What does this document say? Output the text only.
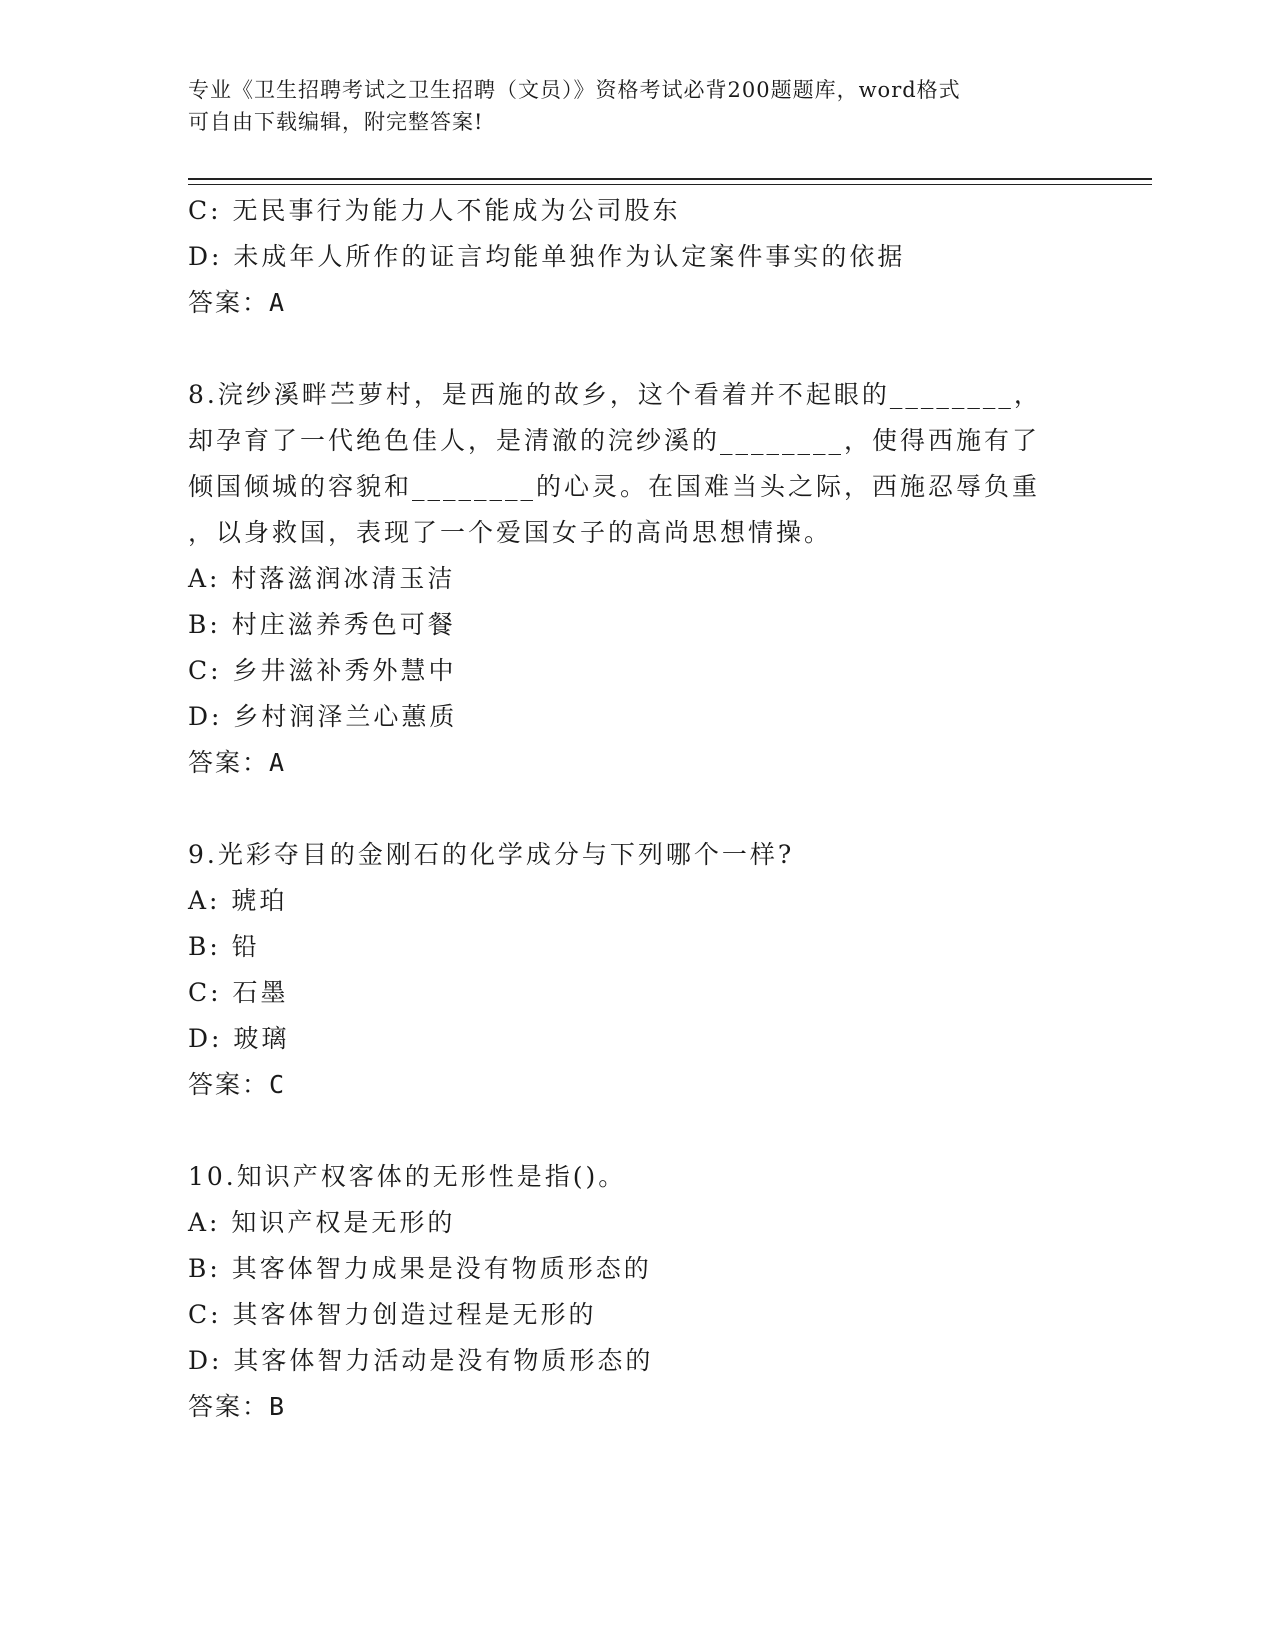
专业《卫生招聘考试之卫生招聘（文员）》资格考试必背200题题库，word格式
可自由下载编辑，附完整答案!
C: 无民事行为能力人不能成为公司股东
D: 未成年人所作的证言均能单独作为认定案件事实的依据
答案：A
8.浣纱溪畔苎萝村，是西施的故乡，这个看着并不起眼的________，
却孕育了一代绝色佳人，是清澈的浣纱溪的________，使得西施有了
倾国倾城的容貌和________的心灵。在国难当头之际，西施忍辱负重
，以身救国，表现了一个爱国女子的高尚思想情操。
A: 村落滋润冰清玉洁
B: 村庄滋养秀色可餐
C: 乡井滋补秀外慧中
D: 乡村润泽兰心蕙质
答案：A
9.光彩夺目的金刚石的化学成分与下列哪个一样?
A: 琥珀
B: 铅
C: 石墨
D: 玻璃
答案：C
10.知识产权客体的无形性是指()。
A: 知识产权是无形的
B: 其客体智力成果是没有物质形态的
C: 其客体智力创造过程是无形的
D: 其客体智力活动是没有物质形态的
答案：B
